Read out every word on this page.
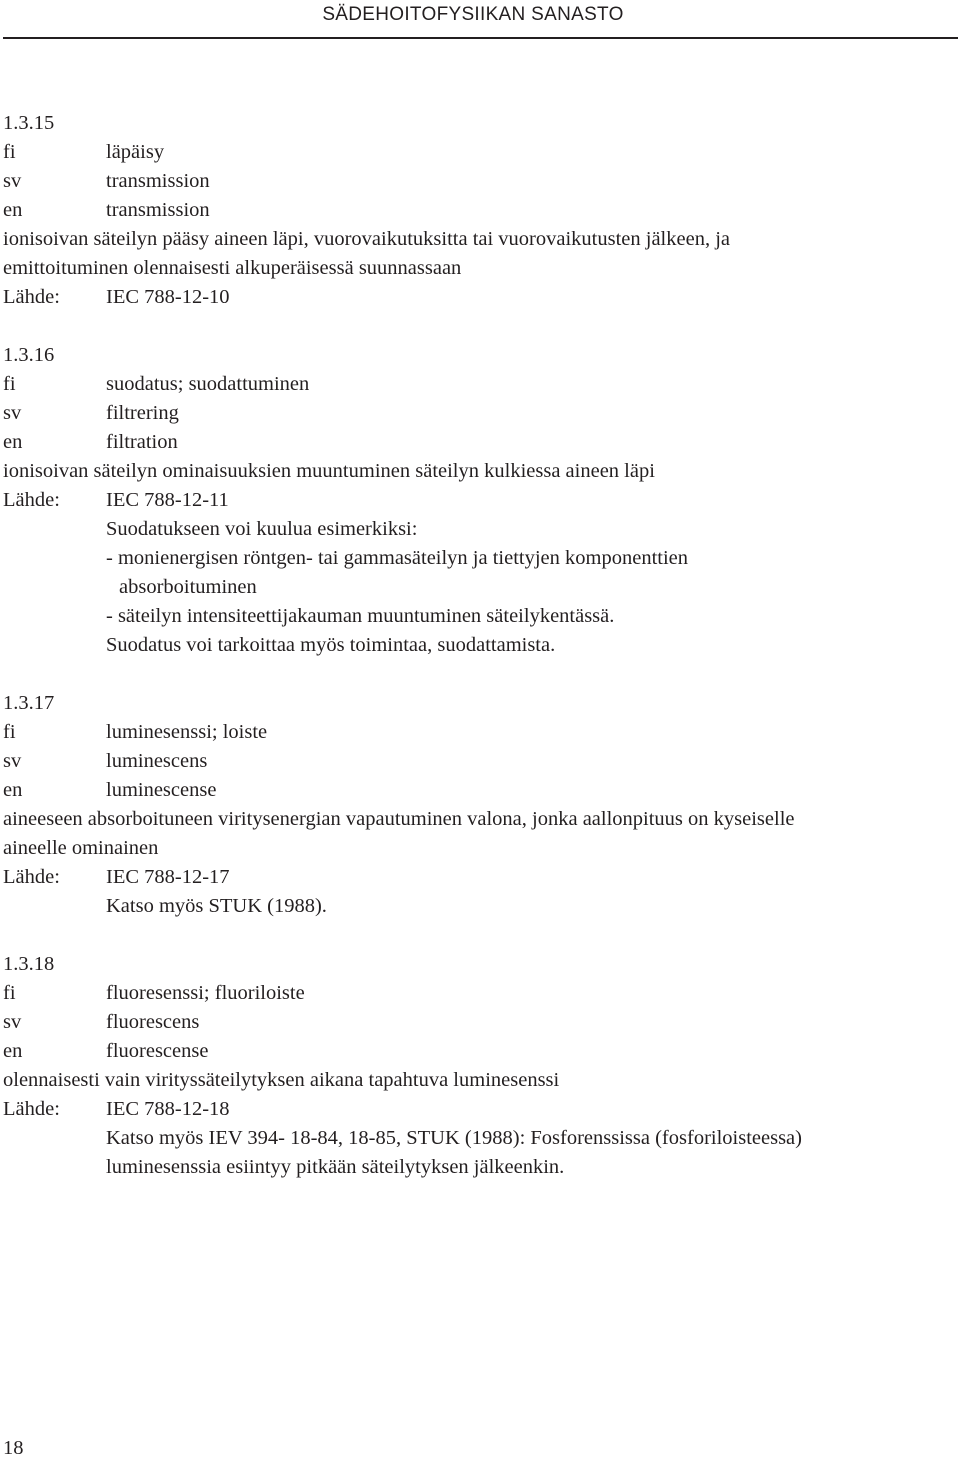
SÄDEHOITOFYSIIKAN SANASTO
1.3.15
fi	läpäisy
sv	transmission
en	transmission
ionisoivan säteilyn pääsy aineen läpi, vuorovaikutuksitta tai vuorovaikutusten jälkeen, ja
emittoituminen olennaisesti alkuperäisessä suunnassaan
Lähde: IEC 788-12-10
1.3.16
fi	suodatus; suodattuminen
sv	filtrering
en	filtration
ionisoivan säteilyn ominaisuuksien muuntuminen säteilyn kulkiessa aineen läpi
Lähde: IEC 788-12-11
Suodatukseen voi kuulua esimerkiksi:
- monienergisen röntgen- tai gammasäteilyn ja tiettyjen komponenttien
absorboituminen
- säteilyn intensiteettijakauman muuntuminen säteilykentässä.
Suodatus voi tarkoittaa myös toimintaa, suodattamista.
1.3.17
fi	luminesenssi; loiste
sv	luminescens
en	luminescense
aineeseen absorboituneen viritysenergian vapautuminen valona, jonka aallonpituus on kyseiselle
aineelle ominainen
Lähde: IEC 788-12-17
Katso myös STUK (1988).
1.3.18
fi	fluoresenssi; fluoriloiste
sv	fluorescens
en	fluorescense
olennaisesti vain virityssäteilytyksen aikana tapahtuva luminesenssi
Lähde: IEC 788-12-18
Katso myös IEV 394- 18-84, 18-85, STUK (1988): Fosforenssissa (fosforiloisteessa)
luminesenssia esiintyy pitkään säteilytyksen jälkeenkin.
18
